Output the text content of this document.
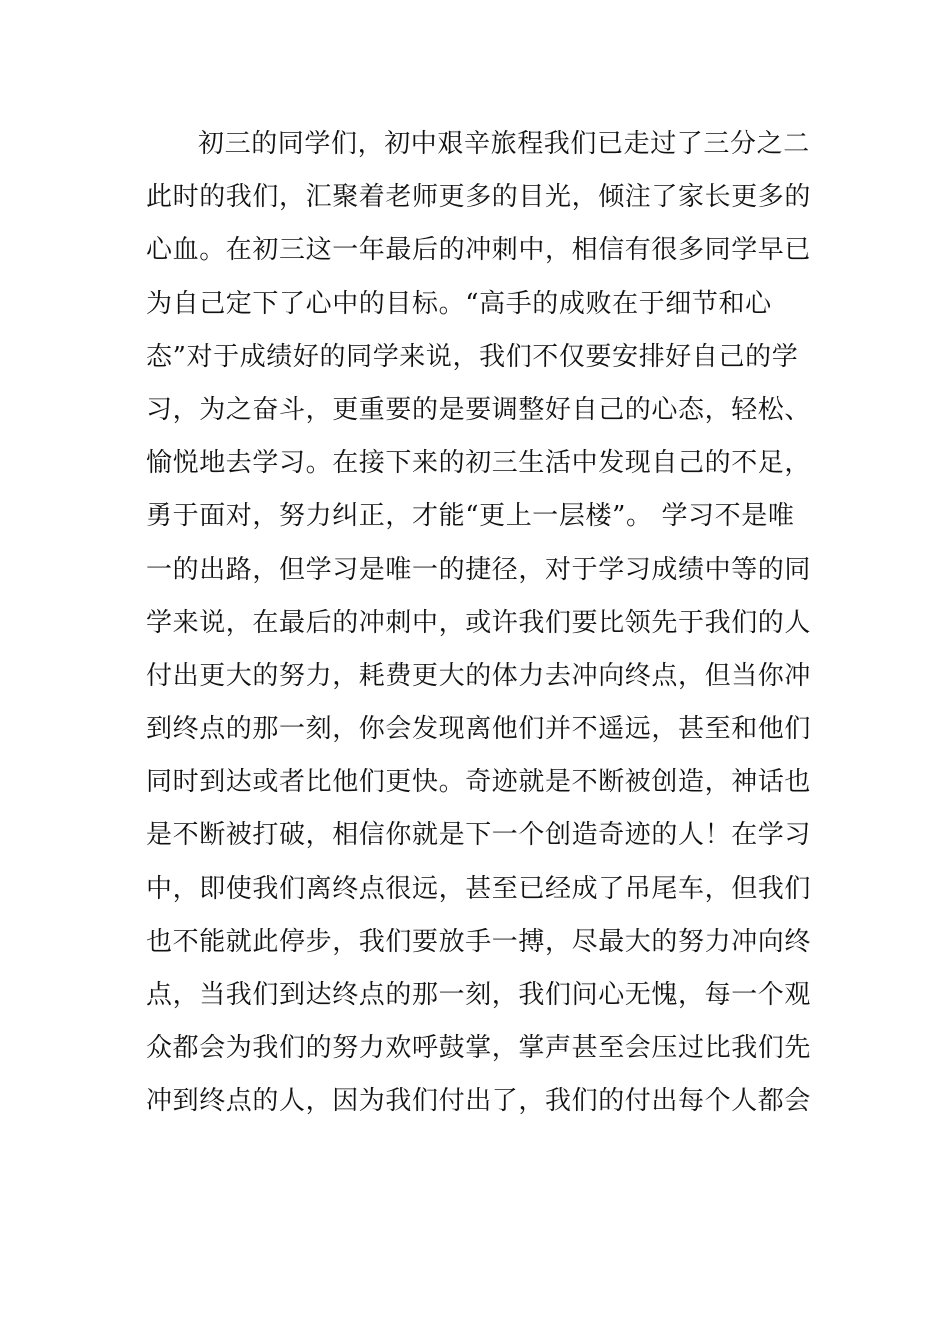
初三的同学们，初中艰辛旅程我们已走过了三分之二
此时的我们，汇聚着老师更多的目光，倾注了家长更多的
心血。在初三这一年最后的冲刺中，相信有很多同学早已
为自己定下了心中的目标。“高手的成败在于细节和心
态”对于成绩好的同学来说，我们不仅要安排好自己的学
习，为之奋斗，更重要的是要调整好自己的心态，轻松、
愉悦地去学习。在接下来的初三生活中发现自己的不足，
勇于面对，努力纠正，才能“更上一层楼”。 学习不是唯
一的出路，但学习是唯一的捷径，对于学习成绩中等的同
学来说，在最后的冲刺中，或许我们要比领先于我们的人
付出更大的努力，耗费更大的体力去冲向终点，但当你冲
到终点的那一刻，你会发现离他们并不遥远，甚至和他们
同时到达或者比他们更快。奇迹就是不断被创造，神话也
是不断被打破，相信你就是下一个创造奇迹的人！在学习
中，即使我们离终点很远，甚至已经成了吊尾车，但我们
也不能就此停步，我们要放手一搏，尽最大的努力冲向终
点，当我们到达终点的那一刻，我们问心无愧，每一个观
众都会为我们的努力欢呼鼓掌，掌声甚至会压过比我们先
冲到终点的人，因为我们付出了，我们的付出每个人都会
